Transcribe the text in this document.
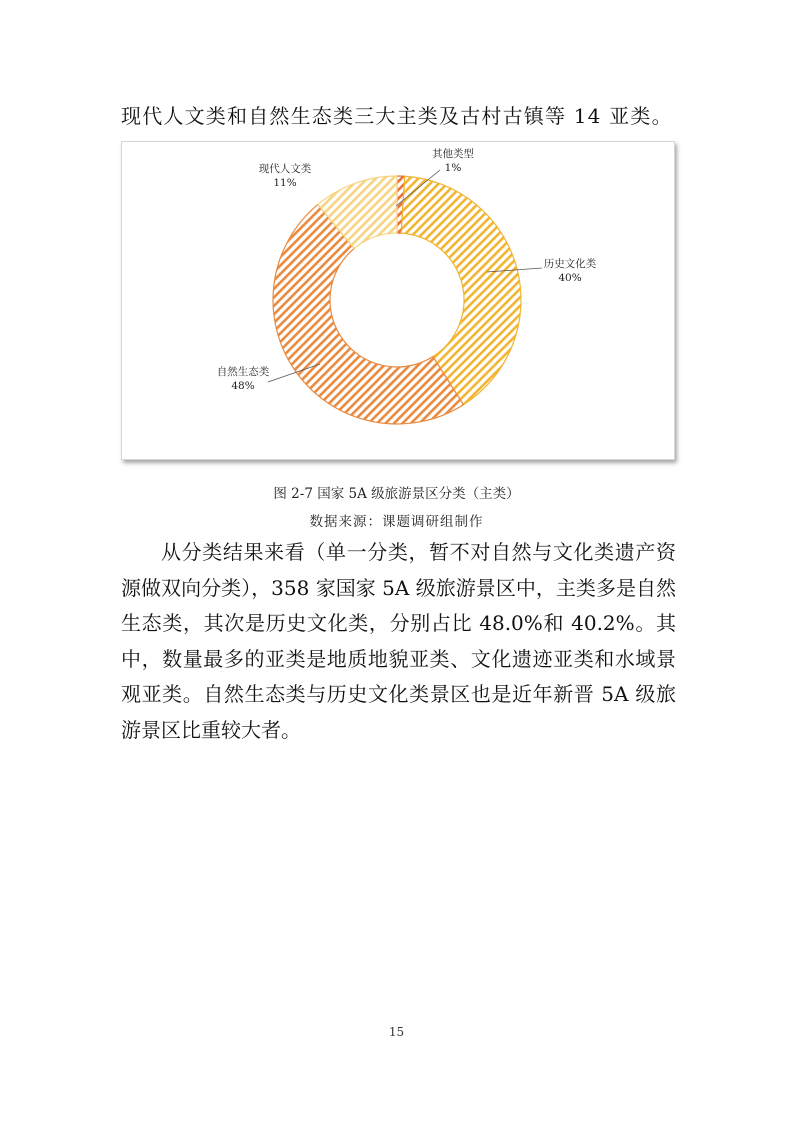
现代人文类和自然生态类三大主类及古村古镇等 14 亚类。
其他类型
1%
历史文化类
40%
自然生态类
48%
现代人文类
11%
图 2-7 国家 5A 级旅游景区分类（主类）
数据来源：课题调研组制作

从分类结果来看（单一分类，暂不对自然与文化类遗产资源做双向分类），358 家国家 5A 级旅游景区中，主类多是自然生态类，其次是历史文化类，分别占比 48.0%和 40.2%。其中，数量最多的亚类是地质地貌亚类、文化遗迹亚类和水域景观亚类。自然生态类与历史文化类景区也是近年新晋 5A 级旅游景区比重较大者。

15
